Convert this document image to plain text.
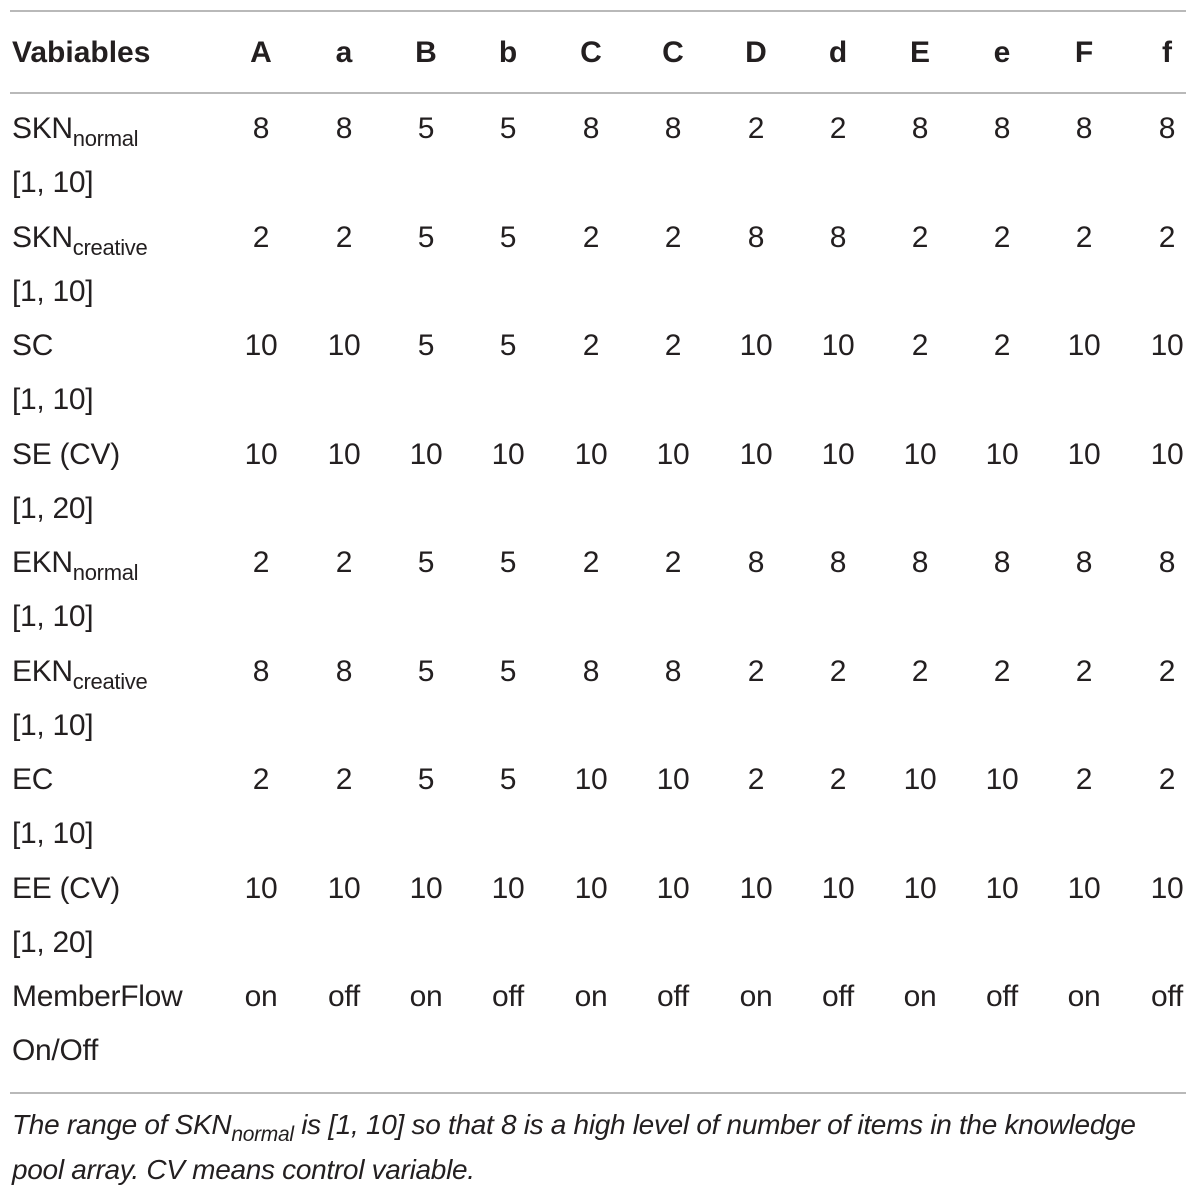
Vabiables	A a B b C C D d E e F f
$SKN_{normal}$
[1, 10]
8 8 5 5 8 8 2 2 8 8 8 8
$SKN_{creative}$
[1, 10]
2 2 5 5 2 2 8 8 2 2 2 2
SC
[1, 10]
10 10 5 5 2 2 10 10 2 2 10 10
SE (CV)
[1, 20]
10 10 10 10 10 10 10 10 10 10 10 10
$EKN_{normal}$
[1, 10]
2 2 5 5 2 2 8 8 8 8 8 8
$EKN_{creative}$
[1, 10]
8 8 5 5 8 8 2 2 2 2 2 2
EC
[1, 10]
2 2 5 5 10 10 2 2 10 10 2 2
EE (CV)
[1, 20]
10 10 10 10 10 10 10 10 10 10 10 10
MemberFlow
On/Off
on off on off on off on off on off on off
The range of $SKN_{normal}$ is [1, 10] so that 8 is a high level of number of items in the knowledge pool array. CV means control variable.
